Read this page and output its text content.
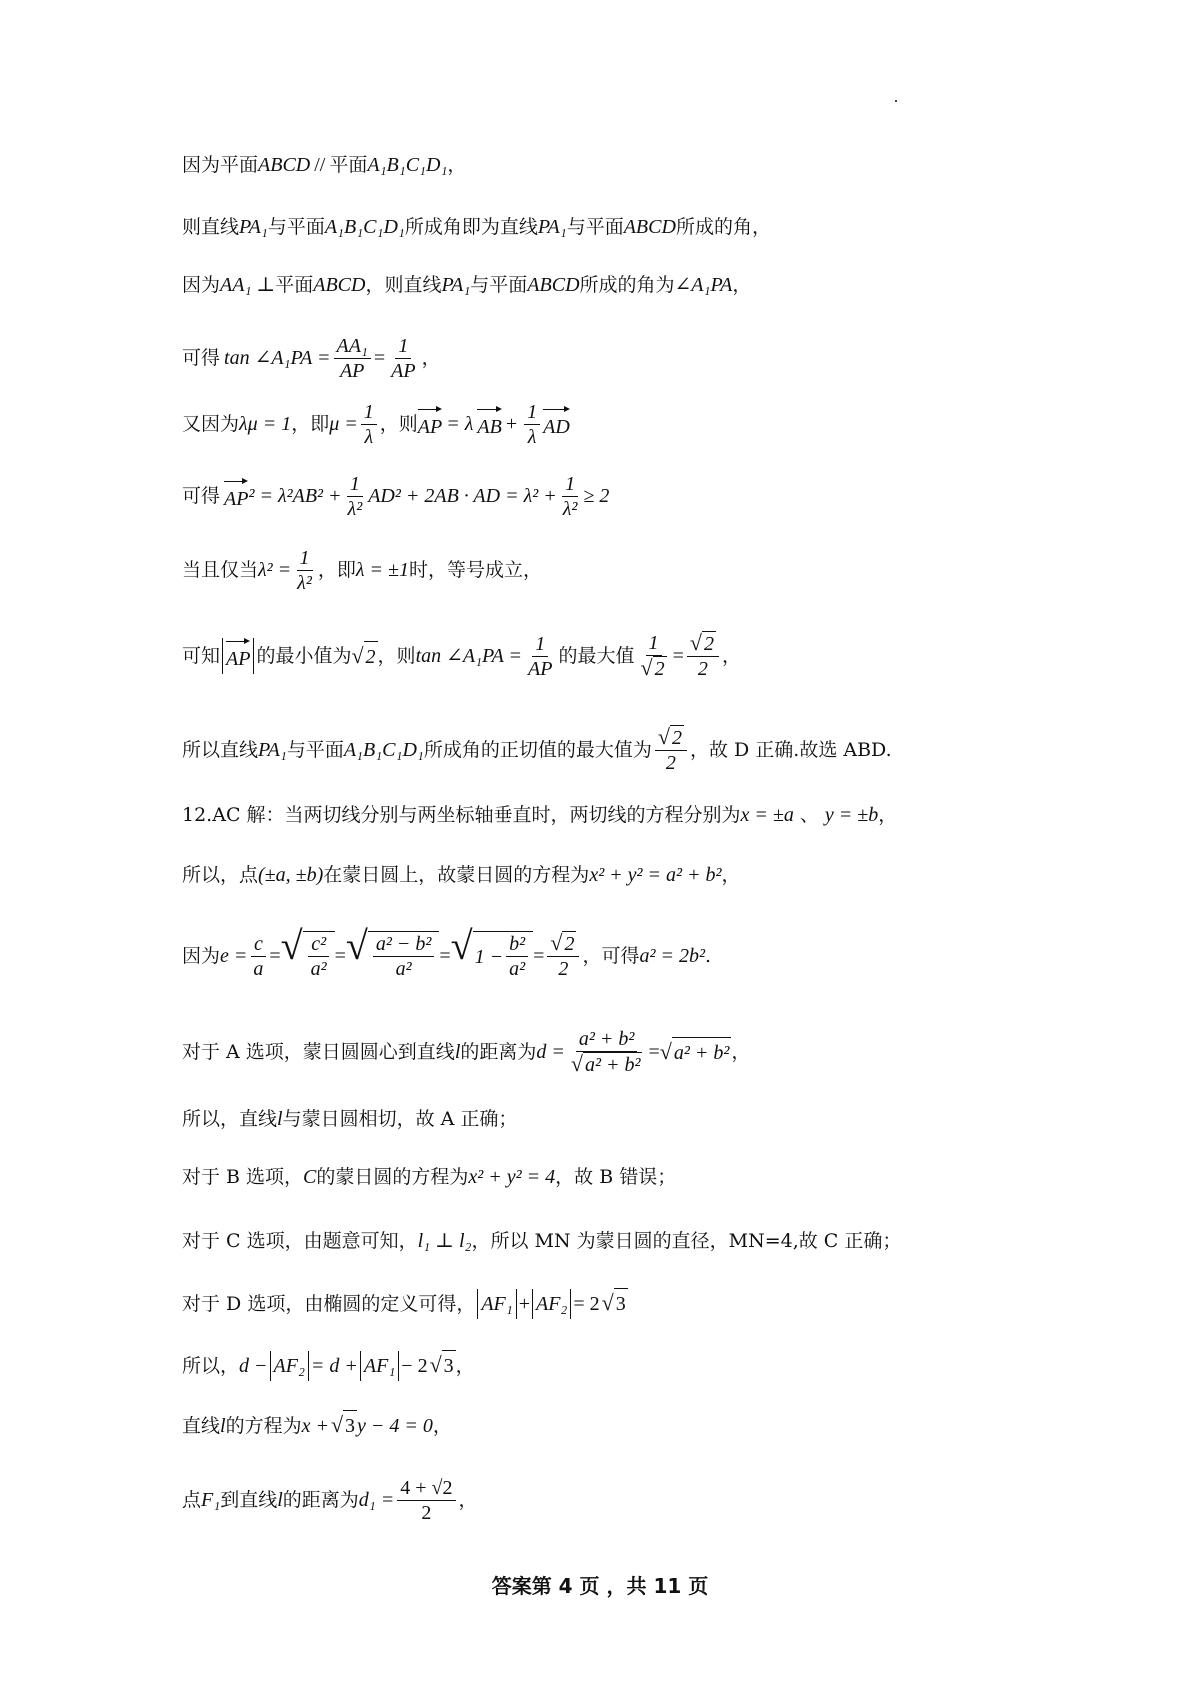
因为平面 ABCD // 平面 A₁B₁C₁D₁ ，
则直线 PA₁ 与平面 A₁B₁C₁D₁ 所成角即为直线 PA₁ 与平面 ABCD 所成的角，
因为 AA₁ ⊥ 平面 ABCD ，则直线 PA₁ 与平面 ABCD 所成的角为 ∠A₁PA ，
可得 tan ∠A₁PA = $\frac{\text{AA₁}}{AP} = \frac{1}{AP}$ ，
又因为 λμ = 1 ，即 $\mu = \frac{1}{\lambda}$ ，则 AP = λ AB + $\frac{1}{\lambda}$ AD
可得 AP $^2 = \lambda^2AB^2 + \frac{1}{\text{λ²}} AD^2 + 2AB$ · AD = $\lambda^2 + \frac{1}{\text{λ²}} \ge 2$
当且仅当 $\lambda^2 = \frac{1}{\text{λ²}}$ ，即 λ = ±1 时，等号成立，
可知 AP 的最小值为 √ 2 ，则 tan ∠A₁PA = $\frac{1}{AP}$ 的最大值 $\frac{1}{√ 2} = \frac{√ 2}{2}$ ，
所以直线 PA₁ 与平面 A₁B₁C₁D₁ 所成角的正切值的最大值为 $\frac{√ 2}{2}$ ，故 D 正确.故选 ABD.
12.AC 解：当两切线分别与两坐标轴垂直时，两切线的方程分别为 x = ±a 、 y = ±b ，
所以，点 (±a, ±b) 在蒙日圆上，故蒙日圆的方程为 x² + y² = a² + b² ，
因为 $e = \frac{c}{a}$ = √ $\frac{\text{c²}}{\text{a²}}$ = √ $\frac{\text{a² − b²}}{\text{a²}}$ = √ $1 - \frac{\text{b²}}{\text{a²}} = \frac{√ 2}{2}$ ，可得 a² = 2b² .
对于 A 选项，蒙日圆圆心到直线 l 的距离为 $d = \frac{\text{a² + b²}}{\text{√ a² + b²}}$ = √ a² + b² ，
所以，直线 l 与蒙日圆相切，故 A 正确；
对于 B 选项， C 的蒙日圆的方程为 x² + y² = 4 ，故 B 错误；
对于 C 选项，由题意可知， l₁ ⊥ l₂ ，所以 MN 为蒙日圆的直径，MN=4,故 C 正确；
对于 D 选项，由椭圆的定义可得， AF₁ + AF₂ = 2 √ 3
所以， d − AF₂ = d + AF₁ − 2 √ 3 ，
直线 l 的方程为 x + √ 3 y − 4 = 0 ，
点 F₁ 到直线 l 的距离为 $d_1 = \frac{4 + √2}{2}$ ，
答案第 4 页 ，共 11 页
